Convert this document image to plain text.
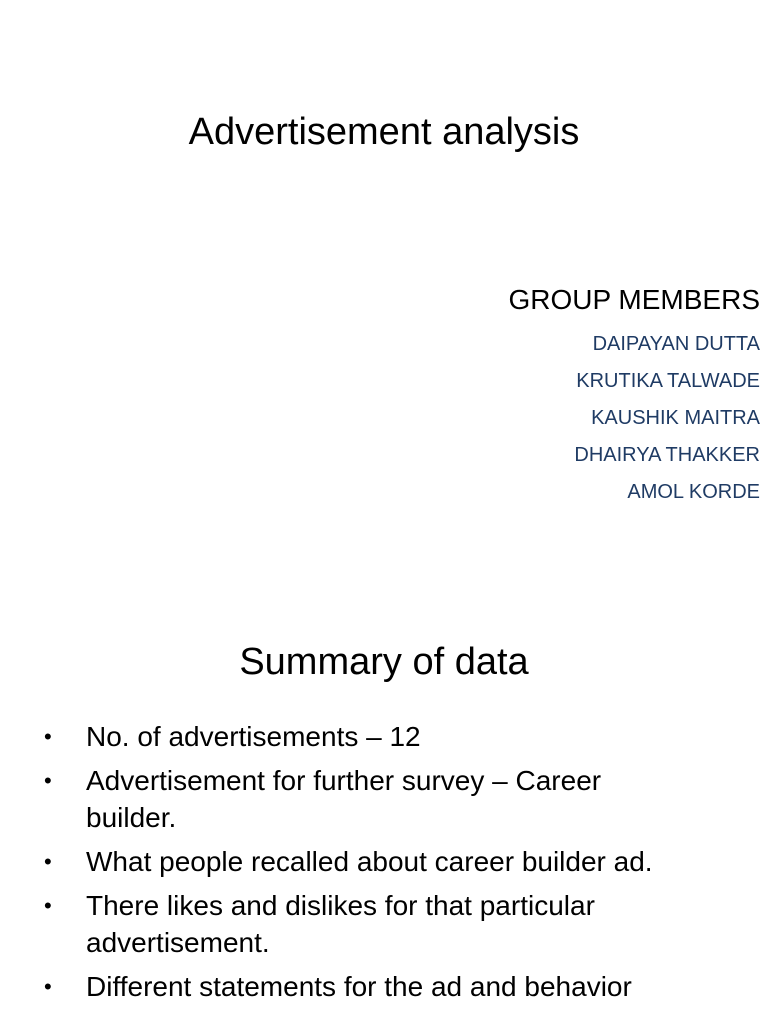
Advertisement analysis
GROUP MEMBERS
DAIPAYAN DUTTA
KRUTIKA TALWADE
KAUSHIK MAITRA
DHAIRYA THAKKER
AMOL KORDE
Summary of data
• No. of advertisements – 12
• Advertisement for further survey – Career builder.
• What people recalled about career builder ad.
• There likes and dislikes for that particular advertisement.
• Different statements for the ad and behavior
